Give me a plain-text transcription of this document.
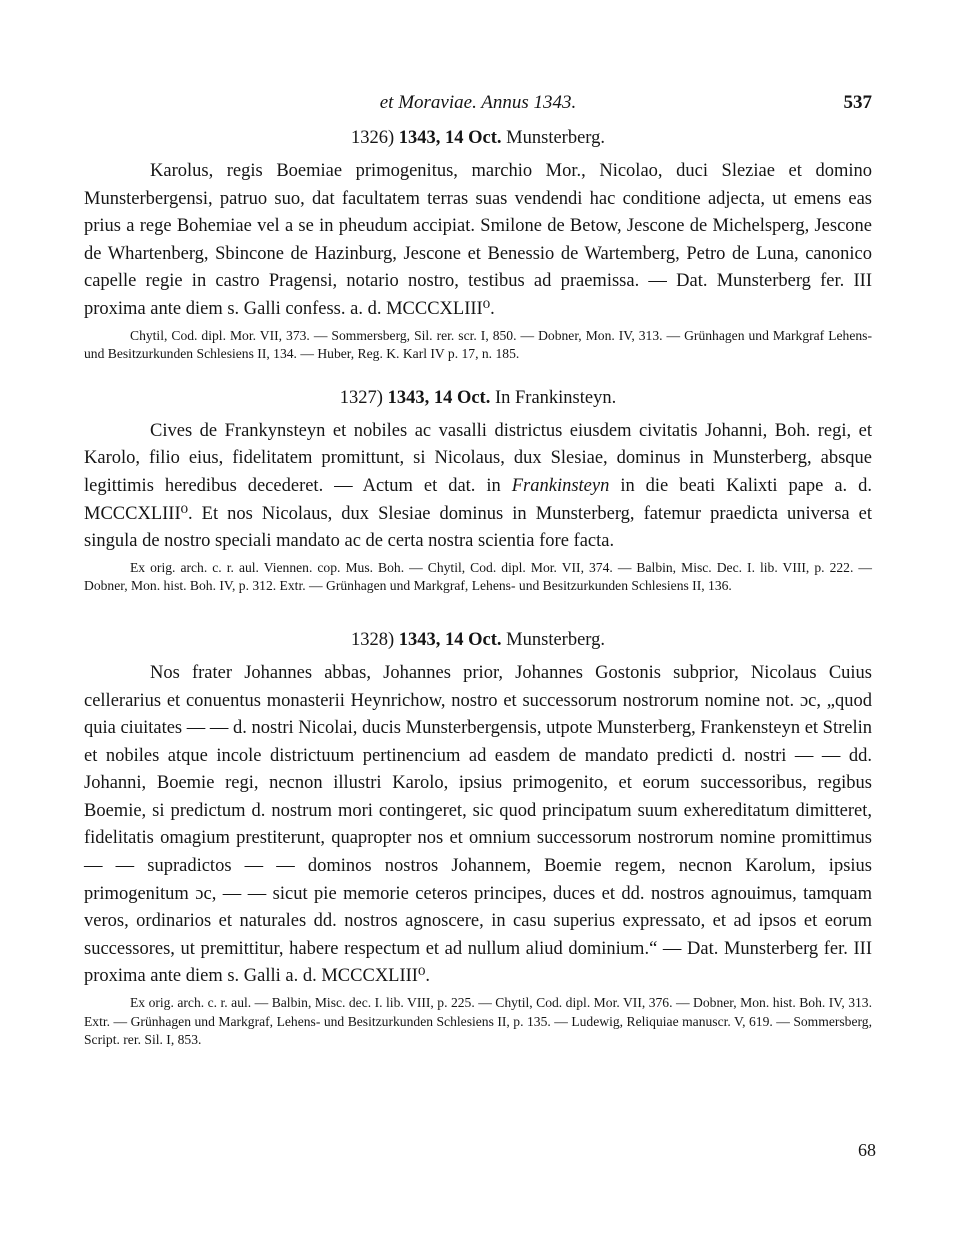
et Moraviae. Annus 1343.	537

1326) 1343, 14 Oct. Munsterberg.

Karolus, regis Boemiae primogenitus, marchio Mor., Nicolao, duci Sleziae et domino Munsterbergensi, patruo suo, dat facultatem terras suas vendendi hac conditione adjecta, ut emens eas prius a rege Bohemiae vel a se in pheudum accipiat. Smilone de Betow, Jescone de Michelsperg, Jescone de Whartenberg, Sbincone de Hazinburg, Jescone et Benessio de Wartemberg, Petro de Luna, canonico capelle regie in castro Pragensi, notario nostro, testibus ad praemissa. — Dat. Munsterberg fer. III proxima ante diem s. Galli confess. a. d. MCCCXLIII⁰.

Chytil, Cod. dipl. Mor. VII, 373. — Sommersberg, Sil. rer. scr. I, 850. — Dobner, Mon. IV, 313. — Grünhagen und Markgraf Lehens- und Besitzurkunden Schlesiens II, 134. — Huber, Reg. K. Karl IV p. 17, n. 185.

1327) 1343, 14 Oct. In Frankinsteyn.

Cives de Frankynsteyn et nobiles ac vasalli districtus eiusdem civitatis Johanni, Boh. regi, et Karolo, filio eius, fidelitatem promittunt, si Nicolaus, dux Slesiae, dominus in Munsterberg, absque legittimis heredibus decederet. — Actum et dat. in Frankinsteyn in die beati Kalixti pape a. d. MCCCXLIII⁰. Et nos Nicolaus, dux Slesiae dominus in Munsterberg, fatemur praedicta universa et singula de nostro speciali mandato ac de certa nostra scientia fore facta.

Ex orig. arch. c. r. aul. Viennen. cop. Mus. Boh. — Chytil, Cod. dipl. Mor. VII, 374. — Balbin, Misc. Dec. I. lib. VIII, p. 222. — Dobner, Mon. hist. Boh. IV, p. 312. Extr. — Grünhagen und Markgraf, Lehens- und Besitzurkunden Schlesiens II, 136.

1328) 1343, 14 Oct. Munsterberg.

Nos frater Johannes abbas, Johannes prior, Johannes Gostonis subprior, Nicolaus Cuius cellerarius et conuentus monasterii Heynrichow, nostro et successorum nostrorum nomine not. ɔc, „quod quia ciuitates — — d. nostri Nicolai, ducis Munsterbergensis, utpote Munsterberg, Frankensteyn et Strelin et nobiles atque incole districtuum pertinencium ad easdem de mandato predicti d. nostri — — dd. Johanni, Boemie regi, necnon illustri Karolo, ipsius primogenito, et eorum successoribus, regibus Boemie, si predictum d. nostrum mori contingeret, sic quod principatum suum exhereditatum dimitteret, fidelitatis omagium prestiterunt, quapropter nos et omnium successorum nostrorum nomine promittimus — — supradictos — — dominos nostros Johannem, Boemie regem, necnon Karolum, ipsius primogenitum ɔc, — — sicut pie memorie ceteros principes, duces et dd. nostros agnouimus, tamquam veros, ordinarios et naturales dd. nostros agnoscere, in casu superius expressato, et ad ipsos et eorum successores, ut premittitur, habere respectum et ad nullum aliud dominium.“ — Dat. Munsterberg fer. III proxima ante diem s. Galli a. d. MCCCXLIII⁰.

Ex orig. arch. c. r. aul. — Balbin, Misc. dec. I. lib. VIII, p. 225. — Chytil, Cod. dipl. Mor. VII, 376. — Dobner, Mon. hist. Boh. IV, 313. Extr. — Grünhagen und Markgraf, Lehens- und Besitzurkunden Schlesiens II, p. 135. — Ludewig, Reliquiae manuscr. V, 619. — Sommersberg, Script. rer. Sil. I, 853.

68
